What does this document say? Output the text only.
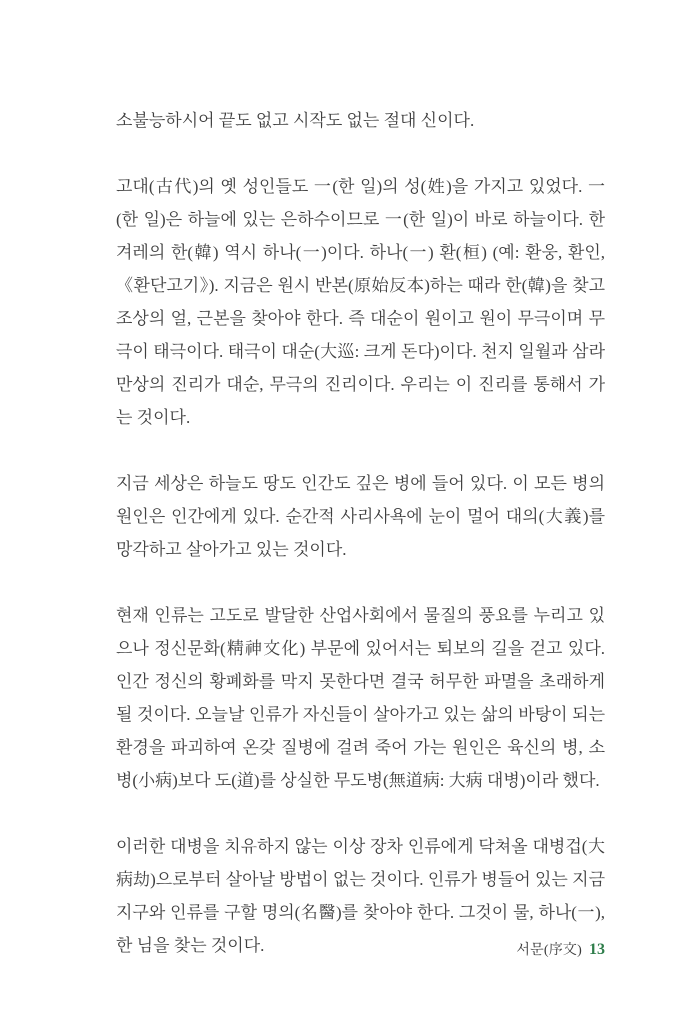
소불능하시어 끝도 없고 시작도 없는 절대 신이다.

고대(古代)의 옛 성인들도 一(한 일)의 성(姓)을 가지고 있었다. 一(한 일)은 하늘에 있는 은하수이므로 一(한 일)이 바로 하늘이다. 한겨레의 한(韓) 역시 하나(一)이다. 하나(一) 환(桓) (예: 환웅, 환인, 《환단고기》). 지금은 원시 반본(原始反本)하는 때라 한(韓)을 찾고 조상의 얼, 근본을 찾아야 한다. 즉 대순이 원이고 원이 무극이며 무극이 태극이다. 태극이 대순(大巡: 크게 돈다)이다. 천지 일월과 삼라만상의 진리가 대순, 무극의 진리이다. 우리는 이 진리를 통해서 가는 것이다.

지금 세상은 하늘도 땅도 인간도 깊은 병에 들어 있다. 이 모든 병의 원인은 인간에게 있다. 순간적 사리사욕에 눈이 멀어 대의(大義)를 망각하고 살아가고 있는 것이다.

현재 인류는 고도로 발달한 산업사회에서 물질의 풍요를 누리고 있으나 정신문화(精神文化) 부문에 있어서는 퇴보의 길을 걷고 있다. 인간 정신의 황폐화를 막지 못한다면 결국 허무한 파멸을 초래하게 될 것이다. 오늘날 인류가 자신들이 살아가고 있는 삶의 바탕이 되는 환경을 파괴하여 온갖 질병에 걸려 죽어 가는 원인은 육신의 병, 소병(小病)보다 도(道)를 상실한 무도병(無道病: 大病 대병)이라 했다.

이러한 대병을 치유하지 않는 이상 장차 인류에게 닥쳐올 대병겁(大病劫)으로부터 살아날 방법이 없는 것이다. 인류가 병들어 있는 지금 지구와 인류를 구할 명의(名醫)를 찾아야 한다. 그것이 물, 하나(一), 한 님을 찾는 것이다.	서문(序文) 13
